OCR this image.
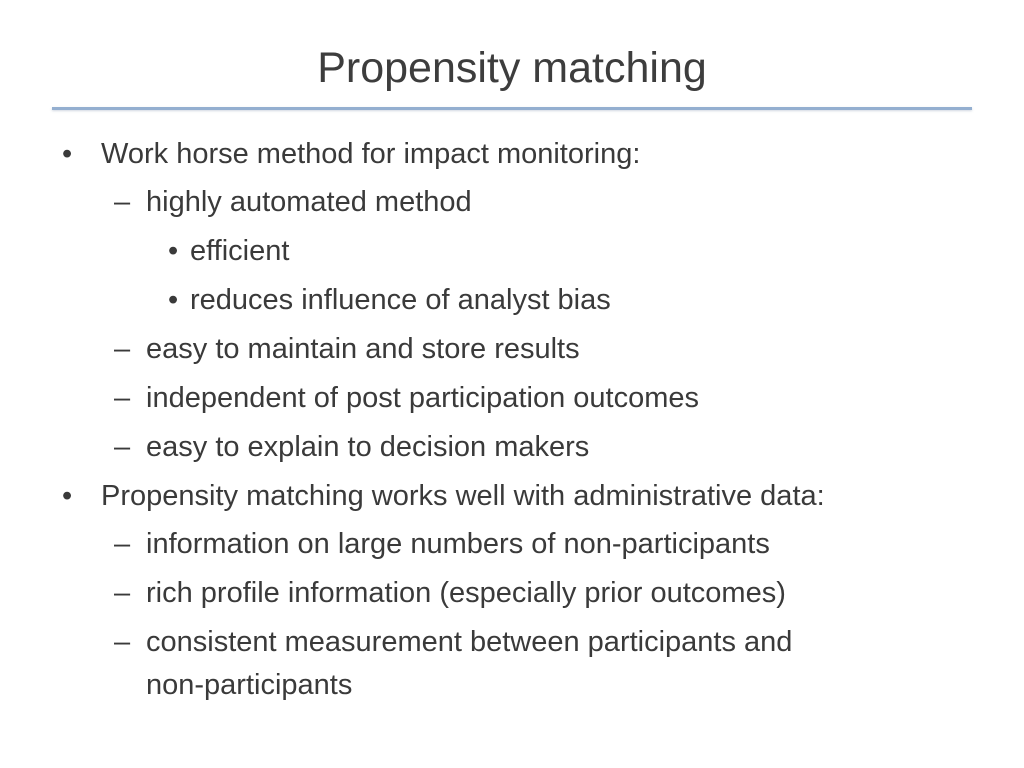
Propensity matching
• Work horse method for impact monitoring:
– highly automated method
• efficient
• reduces influence of analyst bias
– easy to maintain and store results
– independent of post participation outcomes
– easy to explain to decision makers
• Propensity matching works well with administrative data:
– information on large numbers of non-participants
– rich profile information (especially prior outcomes)
– consistent measurement between participants and
non-participants
